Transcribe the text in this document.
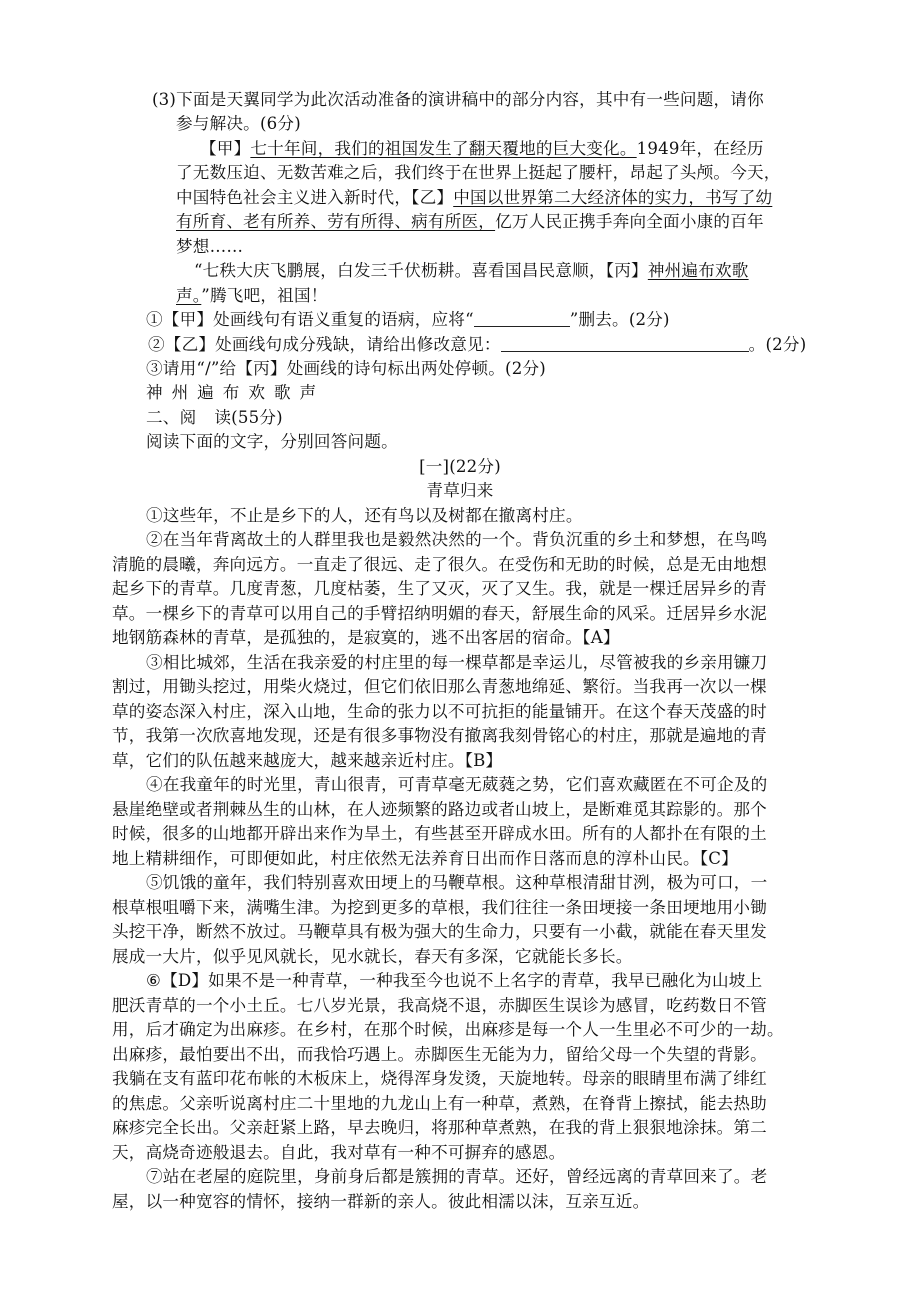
(3)下面是天翼同学为此次活动准备的演讲稿中的部分内容，其中有一些问题，请你
参与解决。(6分)
【甲】七十年间，我们的祖国发生了翻天覆地的巨大变化。1949年，在经历
了无数压迫、无数苦难之后，我们终于在世界上挺起了腰杆，昂起了头颅。今天，
中国特色社会主义进入新时代，【乙】中国以世界第二大经济体的实力，书写了幼
有所育、老有所养、劳有所得、病有所医，亿万人民正携手奔向全面小康的百年
梦想……
“七秩大庆飞鹏展，白发三千伏枥耕。喜看国昌民意顺，【丙】神州遍布欢歌
声。”腾飞吧，祖国！
①【甲】处画线句有语义重复的语病，应将“	”删去。(2分)
②【乙】处画线句成分残缺，请给出修改意见：	。(2分)
③请用“/”给【丙】处画线的诗句标出两处停顿。(2分)
神州遍布欢歌声
二、阅 读(55分)
阅读下面的文字，分别回答问题。
[一](22分)
青草归来
①这些年，不止是乡下的人，还有鸟以及树都在撤离村庄。
②在当年背离故土的人群里我也是毅然决然的一个。背负沉重的乡土和梦想，在鸟鸣
清脆的晨曦，奔向远方。一直走了很远、走了很久。在受伤和无助的时候，总是无由地想
起乡下的青草。几度青葱，几度枯萎，生了又灭，灭了又生。我，就是一棵迁居异乡的青
草。一棵乡下的青草可以用自己的手臂招纳明媚的春天，舒展生命的风采。迁居异乡水泥
地钢筋森林的青草，是孤独的，是寂寞的，逃不出客居的宿命。【A】
③相比城郊，生活在我亲爱的村庄里的每一棵草都是幸运儿，尽管被我的乡亲用镰刀
割过，用锄头挖过，用柴火烧过，但它们依旧那么青葱地绵延、繁衍。当我再一次以一棵
草的姿态深入村庄，深入山地，生命的张力以不可抗拒的能量铺开。在这个春天茂盛的时
节，我第一次欣喜地发现，还是有很多事物没有撤离我刻骨铭心的村庄，那就是遍地的青
草，它们的队伍越来越庞大，越来越亲近村庄。【B】
④在我童年的时光里，青山很青，可青草毫无葳蕤之势，它们喜欢藏匿在不可企及的
悬崖绝壁或者荆棘丛生的山林，在人迹频繁的路边或者山坡上，是断难觅其踪影的。那个
时候，很多的山地都开辟出来作为旱土，有些甚至开辟成水田。所有的人都扑在有限的土
地上精耕细作，可即便如此，村庄依然无法养育日出而作日落而息的淳朴山民。【C】
⑤饥饿的童年，我们特别喜欢田埂上的马鞭草根。这种草根清甜甘洌，极为可口，一
根草根咀嚼下来，满嘴生津。为挖到更多的草根，我们往往一条田埂接一条田埂地用小锄
头挖干净，断然不放过。马鞭草具有极为强大的生命力，只要有一小截，就能在春天里发
展成一大片，似乎见风就长，见水就长，春天有多深，它就能长多长。
⑥【D】如果不是一种青草，一种我至今也说不上名字的青草，我早已融化为山坡上
肥沃青草的一个小土丘。七八岁光景，我高烧不退，赤脚医生误诊为感冒，吃药数日不管
用，后才确定为出麻疹。在乡村，在那个时候，出麻疹是每一个人一生里必不可少的一劫。
出麻疹，最怕要出不出，而我恰巧遇上。赤脚医生无能为力，留给父母一个失望的背影。
我躺在支有蓝印花布帐的木板床上，烧得浑身发烫，天旋地转。母亲的眼睛里布满了绯红
的焦虑。父亲听说离村庄二十里地的九龙山上有一种草，煮熟，在脊背上擦拭，能去热助
麻疹完全长出。父亲赶紧上路，早去晚归，将那种草煮熟，在我的背上狠狠地涂抹。第二
天，高烧奇迹般退去。自此，我对草有一种不可摒弃的感恩。
⑦站在老屋的庭院里，身前身后都是簇拥的青草。还好，曾经远离的青草回来了。老
屋，以一种宽容的情怀，接纳一群新的亲人。彼此相濡以沫，互亲互近。
